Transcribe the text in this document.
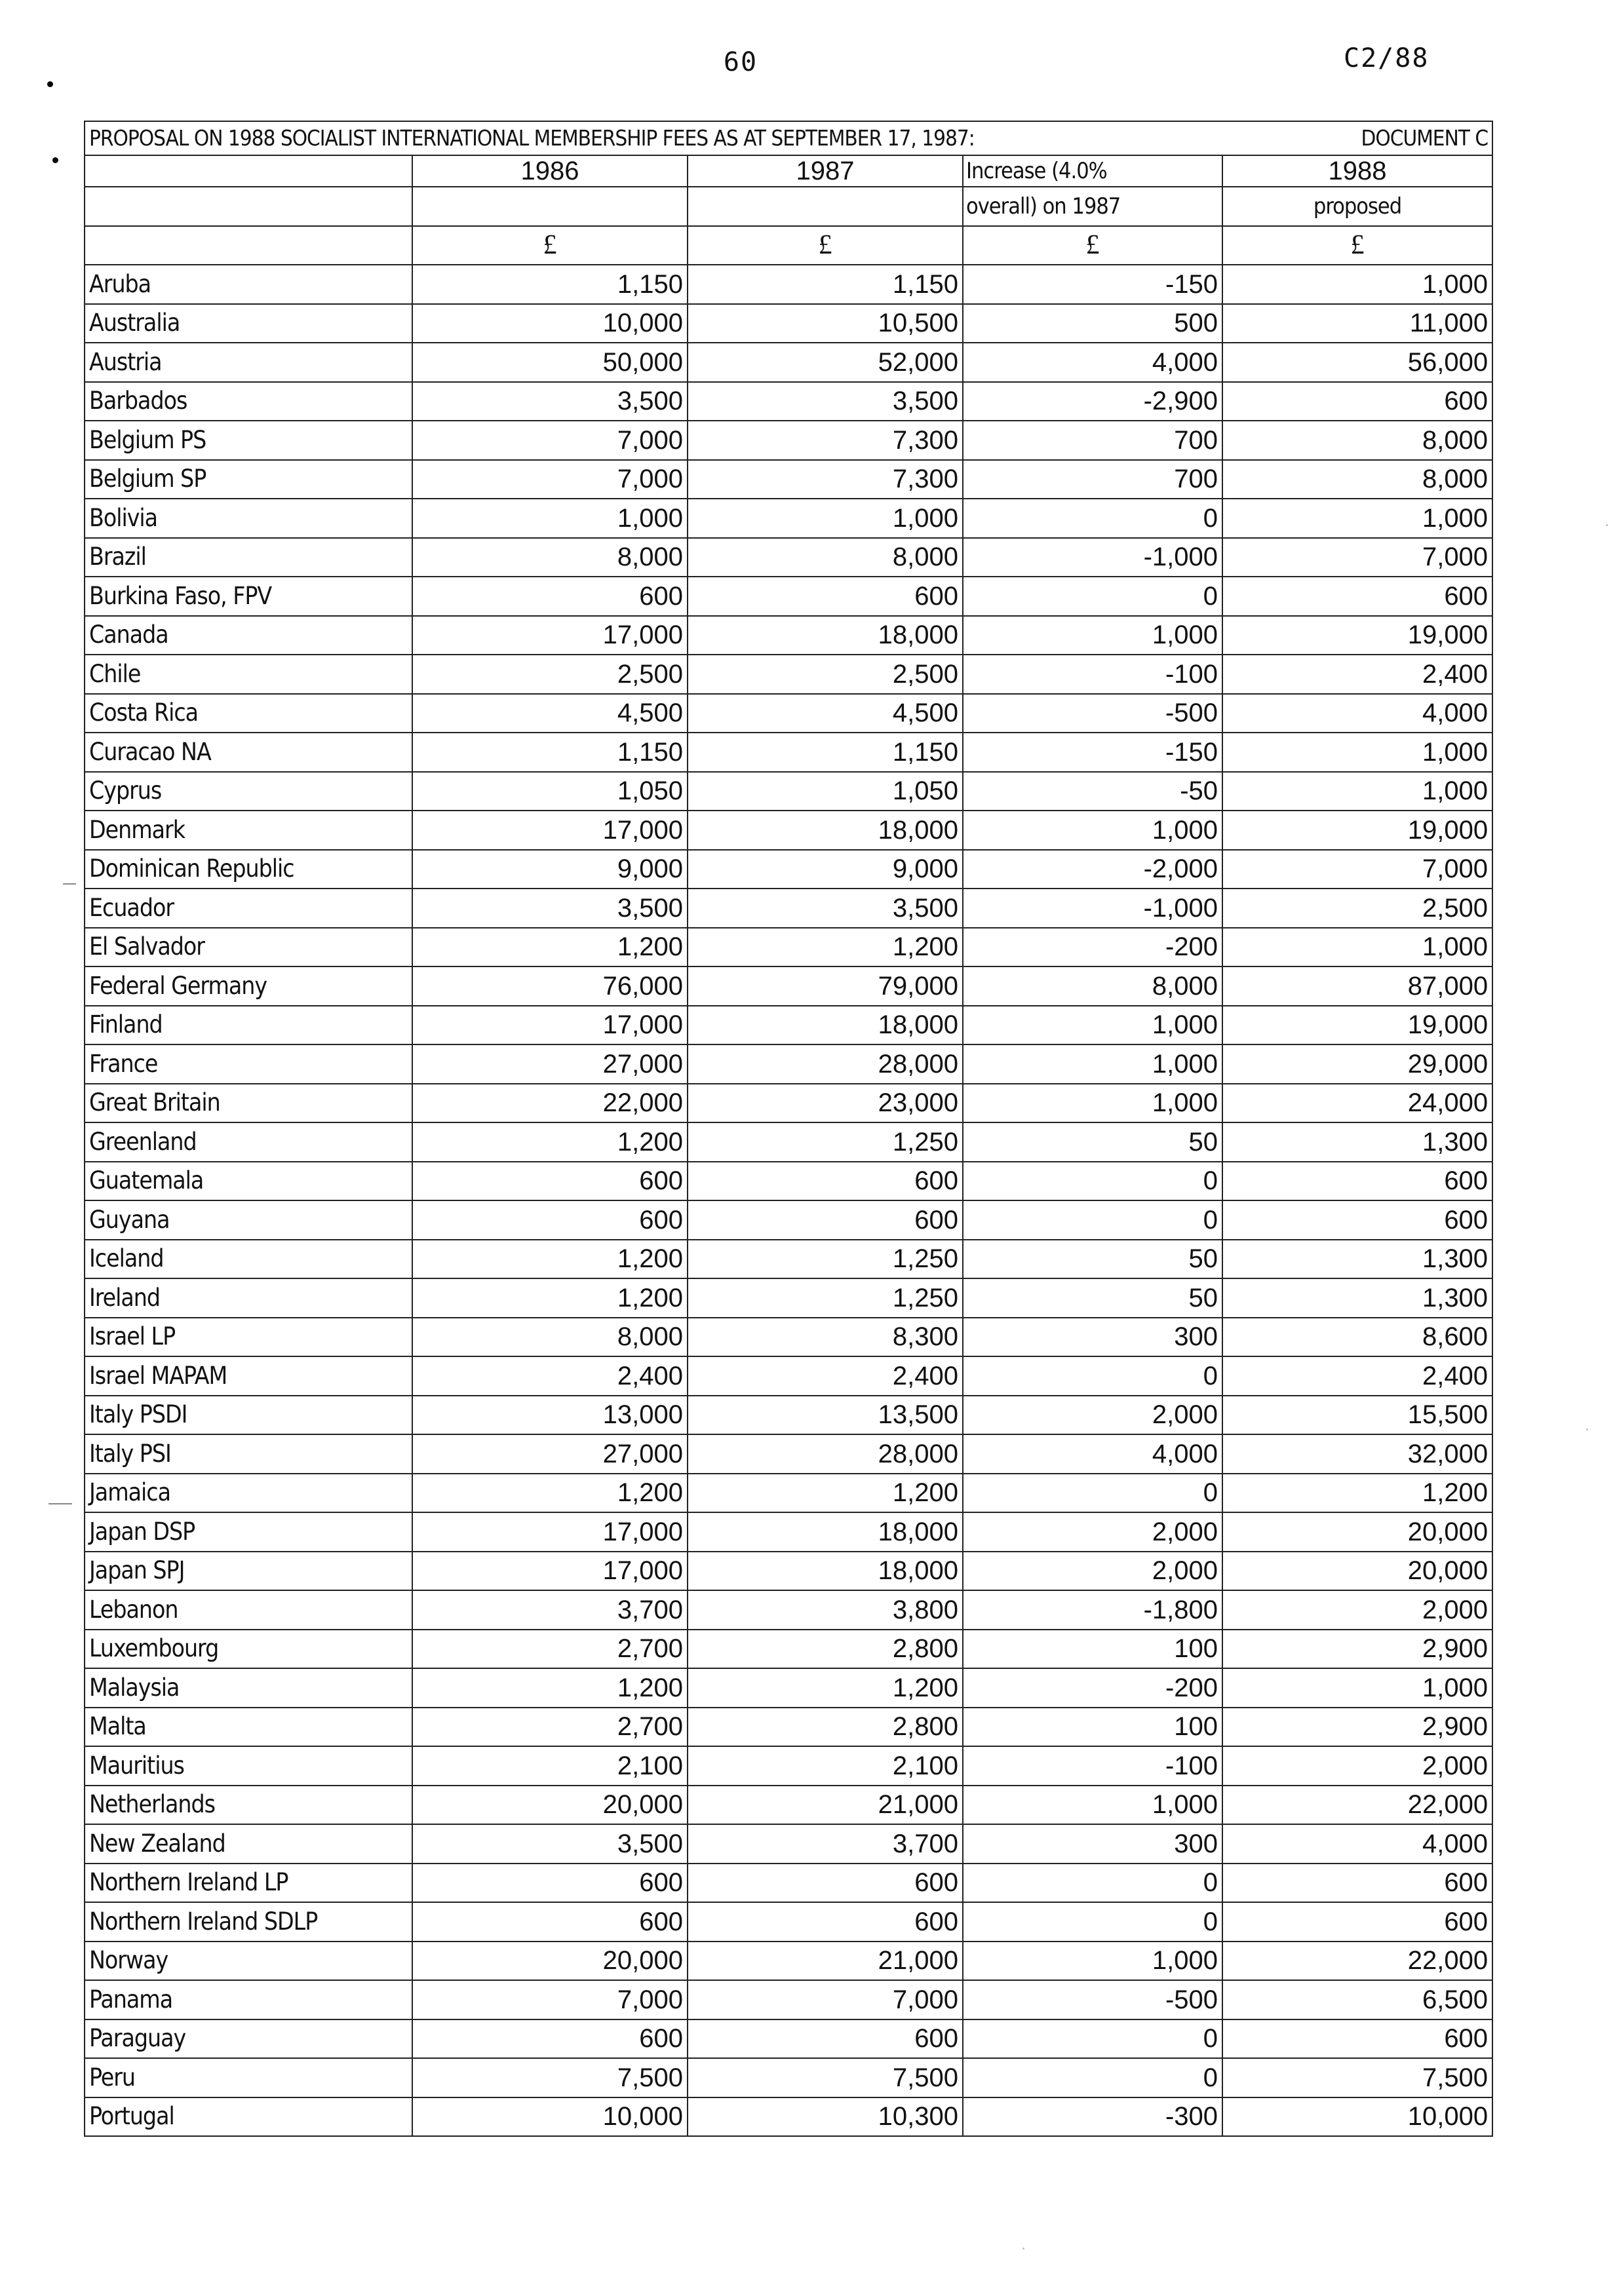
60	C2/88
PROPOSAL ON 1988 SOCIALIST INTERNATIONAL MEMBERSHIP FEES AS AT SEPTEMBER 17, 1987: DOCUMENT C				

	1986	1987	Increase (4.0%	1988
			overall) on 1987	proposed
	£	£	£	£
Aruba	1,150	1,150	-150	1,000
Australia	10,000	10,500	500	11,000
Austria	50,000	52,000	4,000	56,000
Barbados	3,500	3,500	-2,900	600
Belgium PS	7,000	7,300	700	8,000
Belgium SP	7,000	7,300	700	8,000
Bolivia	1,000	1,000	0	1,000
Brazil	8,000	8,000	-1,000	7,000
Burkina Faso, FPV	600	600	0	600
Canada	17,000	18,000	1,000	19,000
Chile	2,500	2,500	-100	2,400
Costa Rica	4,500	4,500	-500	4,000
Curacao NA	1,150	1,150	-150	1,000
Cyprus	1,050	1,050	-50	1,000
Denmark	17,000	18,000	1,000	19,000
Dominican Republic	9,000	9,000	-2,000	7,000
Ecuador	3,500	3,500	-1,000	2,500
El Salvador	1,200	1,200	-200	1,000
Federal Germany	76,000	79,000	8,000	87,000
Finland	17,000	18,000	1,000	19,000
France	27,000	28,000	1,000	29,000
Great Britain	22,000	23,000	1,000	24,000
Greenland	1,200	1,250	50	1,300
Guatemala	600	600	0	600
Guyana	600	600	0	600
Iceland	1,200	1,250	50	1,300
Ireland	1,200	1,250	50	1,300
Israel LP	8,000	8,300	300	8,600
Israel MAPAM	2,400	2,400	0	2,400
Italy PSDI	13,000	13,500	2,000	15,500
Italy PSI	27,000	28,000	4,000	32,000
Jamaica	1,200	1,200	0	1,200
Japan DSP	17,000	18,000	2,000	20,000
Japan SPJ	17,000	18,000	2,000	20,000
Lebanon	3,700	3,800	-1,800	2,000
Luxembourg	2,700	2,800	100	2,900
Malaysia	1,200	1,200	-200	1,000
Malta	2,700	2,800	100	2,900
Mauritius	2,100	2,100	-100	2,000
Netherlands	20,000	21,000	1,000	22,000
New Zealand	3,500	3,700	300	4,000
Northern Ireland LP	600	600	0	600
Northern Ireland SDLP	600	600	0	600
Norway	20,000	21,000	1,000	22,000
Panama	7,000	7,000	-500	6,500
Paraguay	600	600	0	600
Peru	7,500	7,500	0	7,500
Portugal	10,000	10,300	-300	10,000
